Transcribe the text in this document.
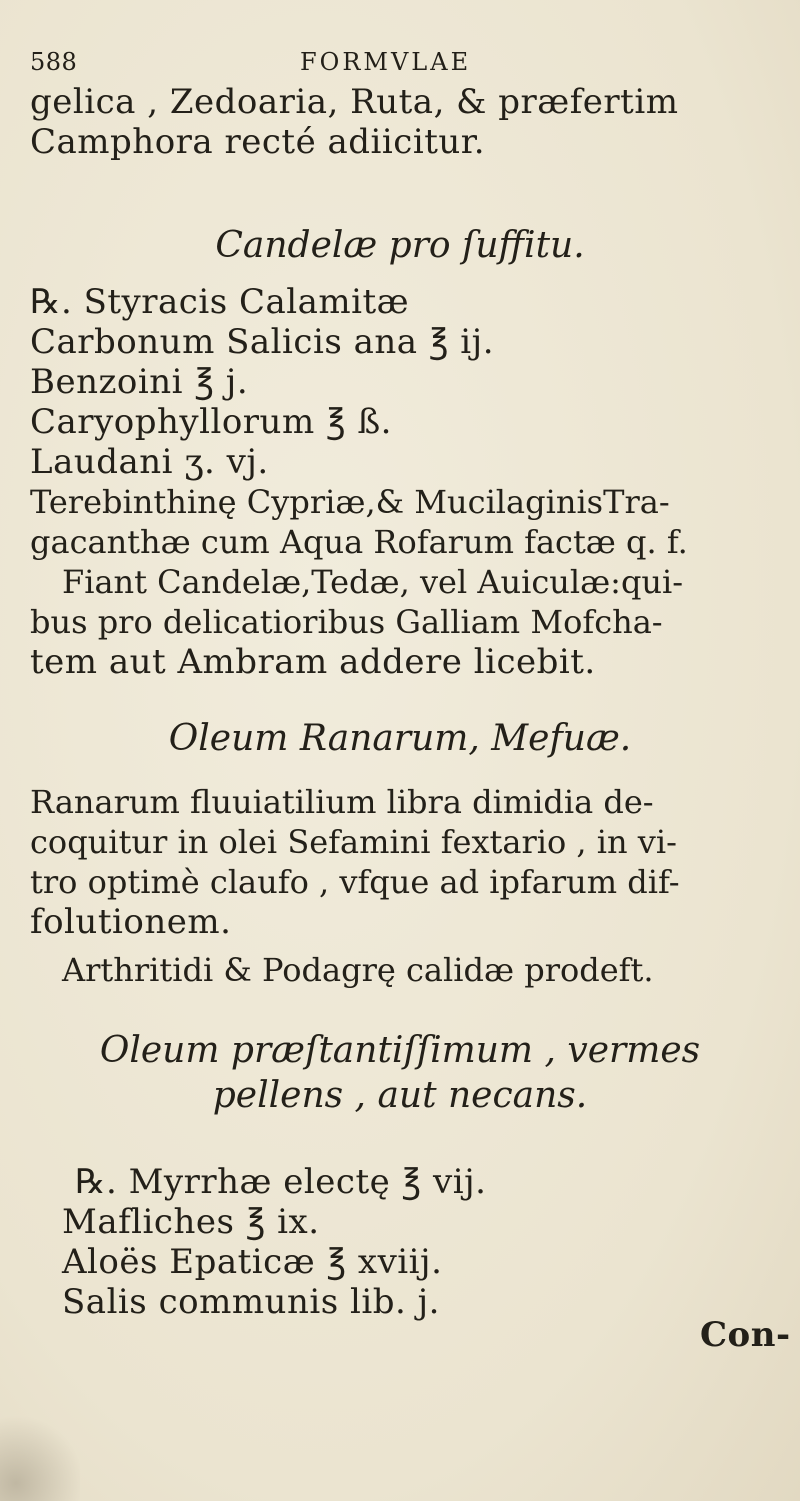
588	FORMVLAE
gelica , Zedoaria, Ruta, & præfertim
Camphora recté adiicitur.
Candelæ pro ſuffitu.
℞. Styracis Calamitæ
Carbonum Salicis ana ℥ ij.
Benzoini ℥ j.
Caryophyllorum ℥ ß.
Laudani ʒ. vj.
Terebinthinę Cypriæ,& MucilaginisTra-
gacanthæ cum Aqua Rofarum factæ q. f.
Fiant Candelæ,Tedæ, vel Auiculæ:qui-
bus pro delicatioribus Galliam Mofcha-
tem aut Ambram addere licebit.
Oleum Ranarum, Mefuæ.
Ranarum fluuiatilium libra dimidia de-
coquitur in olei Sefamini fextario , in vi-
tro optimè claufo , vfque ad ipfarum dif-
folutionem.
Arthritidi & Podagrę calidæ prodeft.
Oleum præſtantiſſimum , vermes
pellens , aut necans.
℞. Myrrhæ electę ℥ vij.
Mafliches ℥ ix.
Aloës Epaticæ ℥ xviij.
Salis communis lib. j.
Con-
